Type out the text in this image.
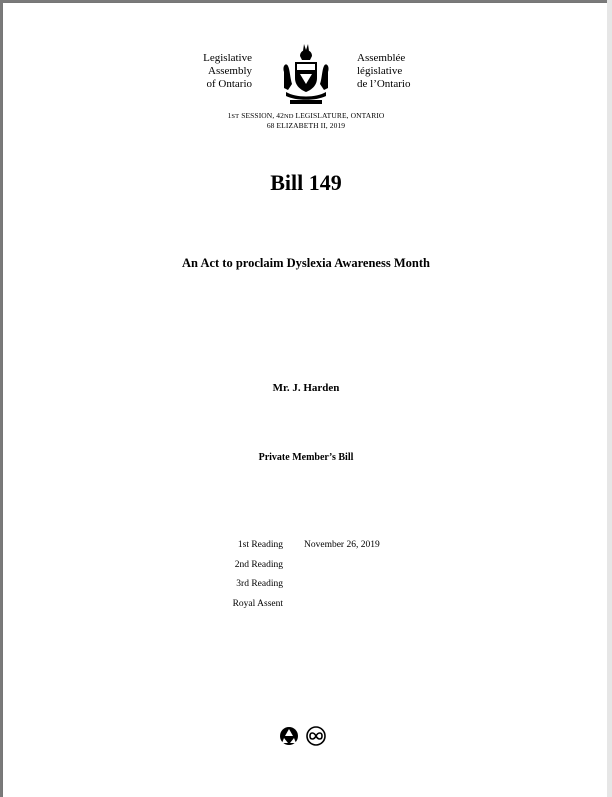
Legislative
Assembly
of Ontario
Assemblée
législative
de l’Ontario
1ST SESSION, 42ND LEGISLATURE, ONTARIO
68 ELIZABETH II, 2019
Bill 149
An Act to proclaim Dyslexia Awareness Month
Mr. J. Harden
Private Member’s Bill
1st Reading November 26, 2019
2nd Reading
3rd Reading
Royal Assent
